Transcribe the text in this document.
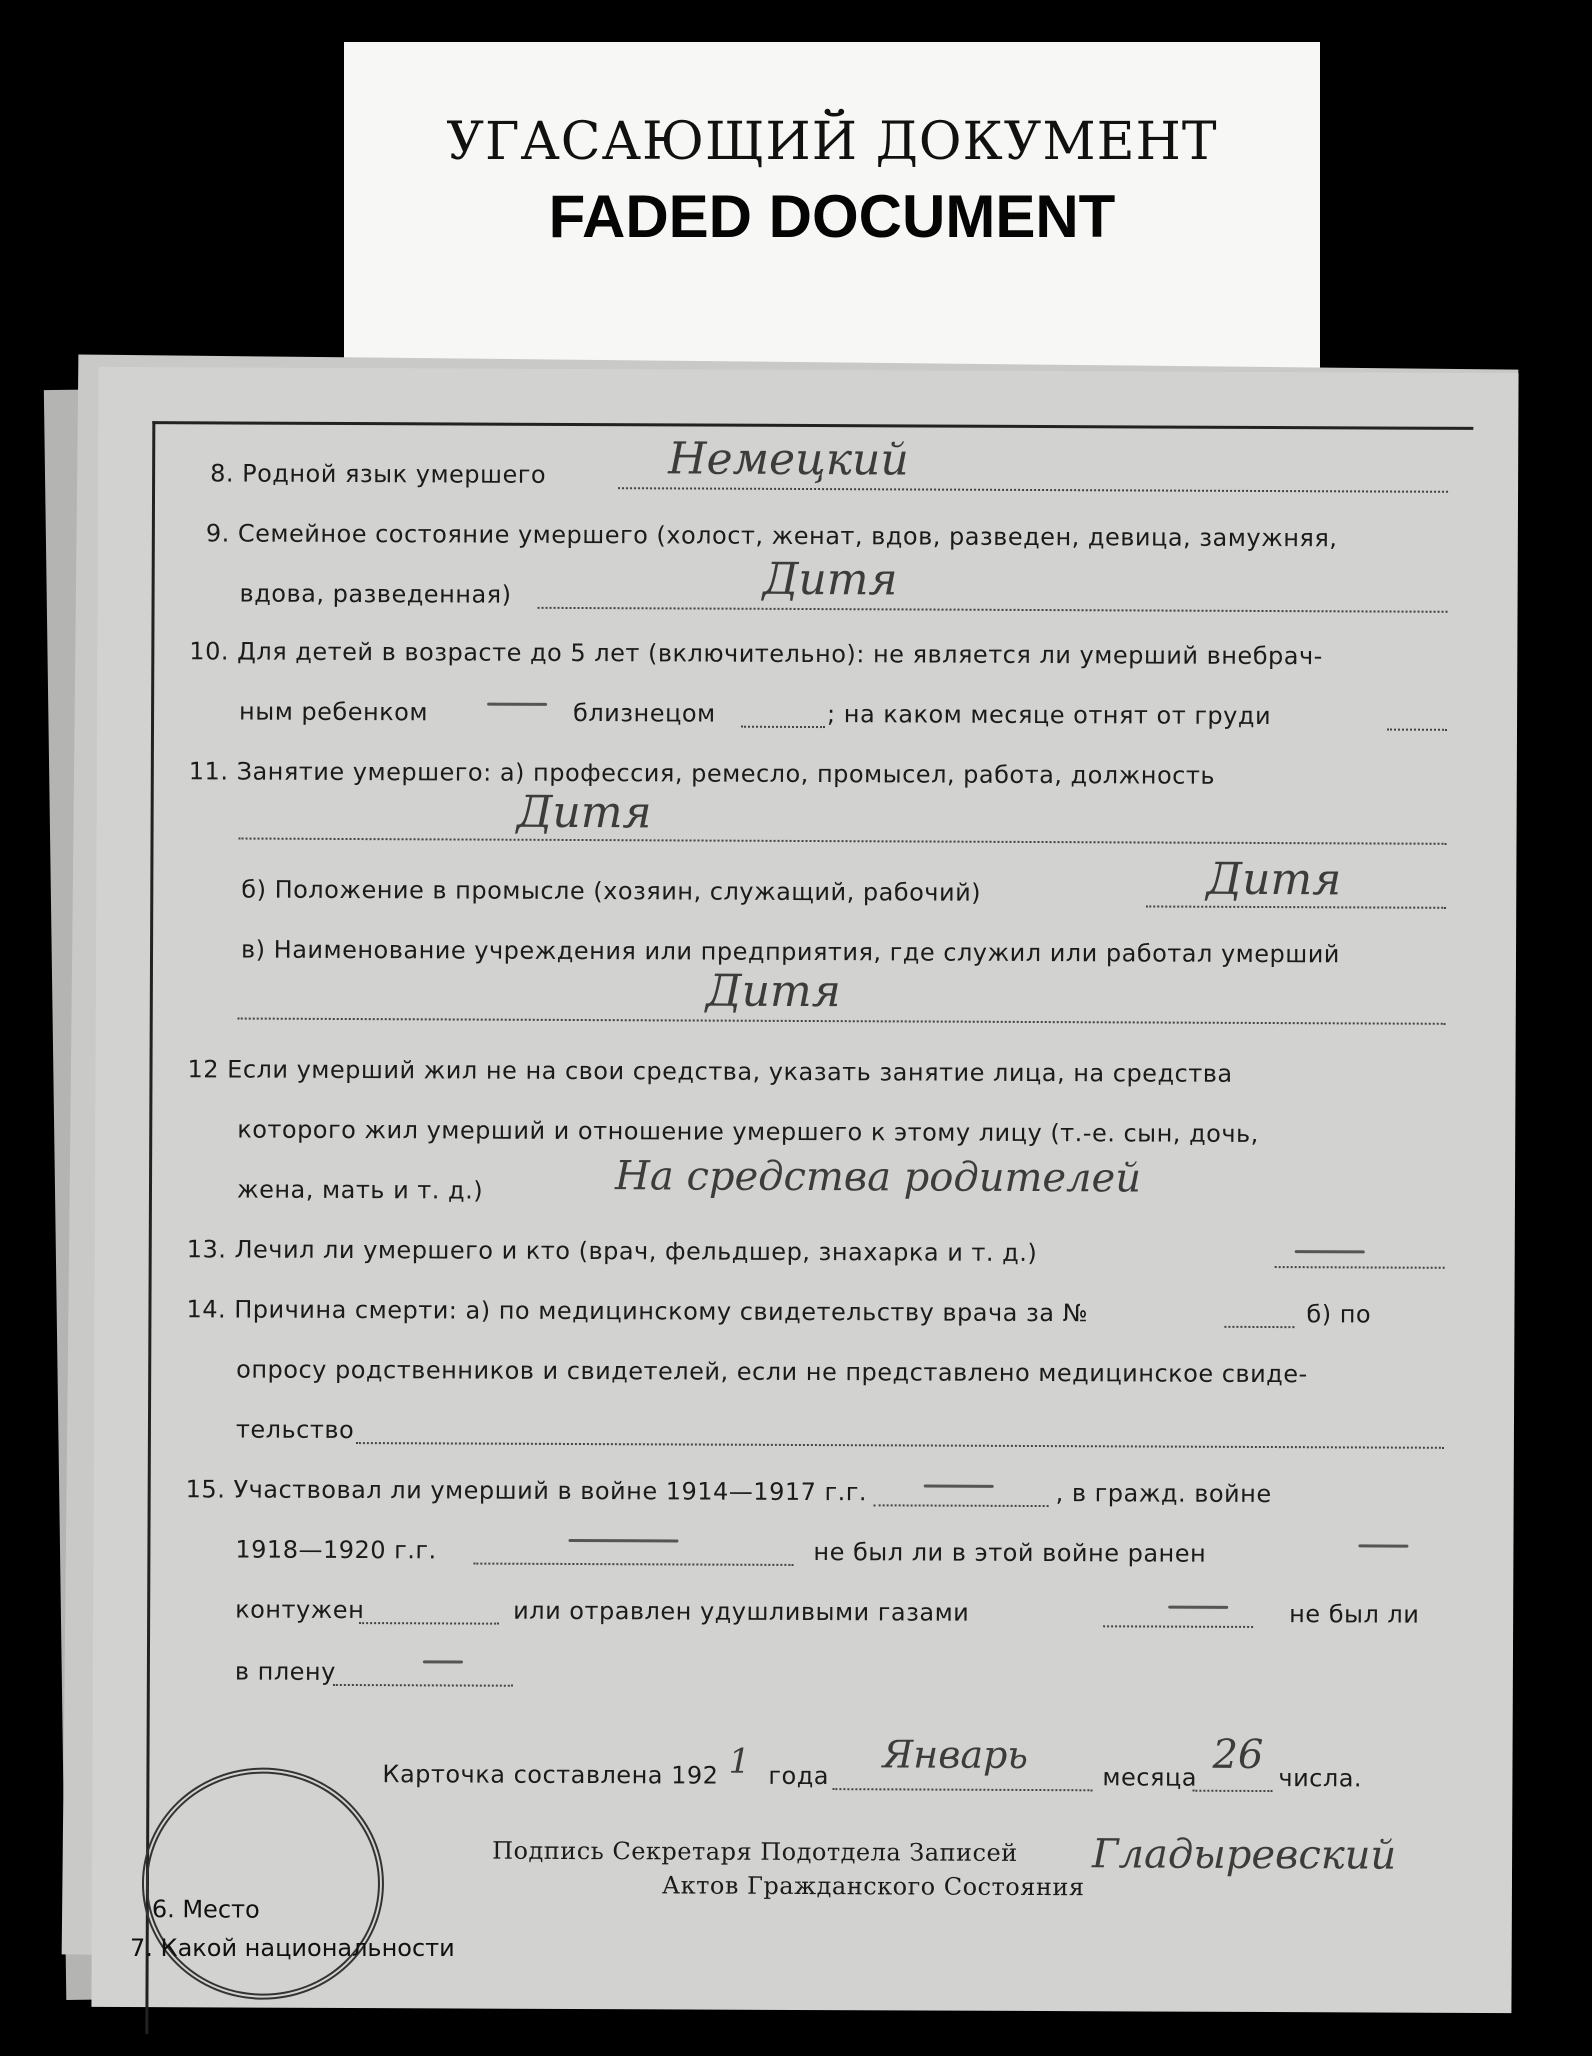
УГАСАЮЩИЙ ДОКУМЕНТ
FADED DOCUMENT
8. Родной язык умершего	Немецкий
9. Семейное состояние умершего (холост, женат, вдов, разведен, девица, замужняя,
вдова, разведенная)	Дитя
10. Для детей в возрасте до 5 лет (включительно): не является ли умерший внебрач-
ным ребенком	близнецом	; на каком месяце отнят от груди
11. Занятие умершего: а) профессия, ремесло, промысел, работа, должность
Дитя
б) Положение в промысле (хозяин, служащий, рабочий)	Дитя
в) Наименование учреждения или предприятия, где служил или работал умерший
Дитя
12 Если умерший жил не на свои средства, указать занятие лица, на средства
которого жил умерший и отношение умершего к этому лицу (т.-е. сын, дочь,
жена, мать и т. д.)	На средства родителей
13. Лечил ли умершего и кто (врач, фельдшер, знахарка и т. д.)
14. Причина смерти: а) по медицинскому свидетельству врача за №	б) по
опросу родственников и свидетелей, если не представлено медицинское свиде-
тельство
15. Участвовал ли умерший в войне 1914—1917 г.г.	, в гражд. войне
1918—1920 г.г.	не был ли в этой войне ранен
контужен	или отравлен удушливыми газами	не был ли
в плену
Карточка составлена 192 1 года Январь
месяца 26
числа.
Подпись Секретаря Подотдела Записей
Актов Гражданского Состояния
Гладыревский
6. Место
7. Какой национальности
